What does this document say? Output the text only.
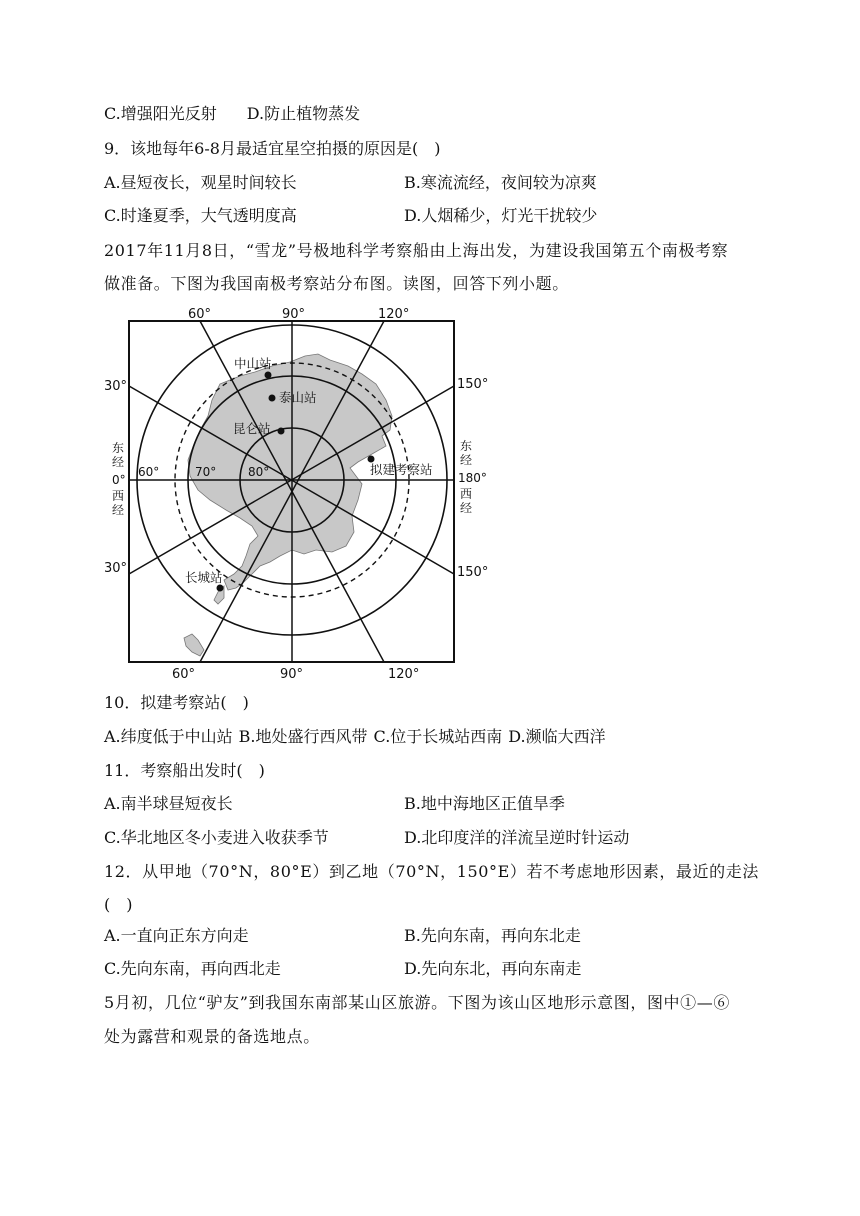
C.增强阳光反射 D.防止植物蒸发
9．该地每年6-8月最适宜星空拍摄的原因是(　)
A.昼短夜长，观星时间较长	B.寒流流经，夜间较为凉爽
C.时逢夏季，大气透明度高	D.人烟稀少，灯光干扰较少
2017年11月8日，“雪龙”号极地科学考察船由上海出发，为建设我国第五个南极考察
做准备。下图为我国南极考察站分布图。读图，回答下列小题。
60°	90°	120°
60°	90°	120°
30°
30°
150°
150°
东
经
0°
西
经
东
经
180°
西
经
60°	70°	80°
中山站
泰山站
昆仑站
拟建考察站
长城站
10．拟建考察站(　)
A.纬度低于中山站 B.地处盛行西风带 C.位于长城站西南 D.濒临大西洋
11．考察船出发时(　)
A.南半球昼短夜长	B.地中海地区正值旱季
C.华北地区冬小麦进入收获季节	D.北印度洋的洋流呈逆时针运动
12．从甲地（70°N，80°E）到乙地（70°N，150°E）若不考虑地形因素，最近的走法
(　)
A.一直向正东方向走	B.先向东南，再向东北走
C.先向东南，再向西北走	D.先向东北，再向东南走
5月初，几位“驴友”到我国东南部某山区旅游。下图为该山区地形示意图，图中①—⑥
处为露营和观景的备选地点。
